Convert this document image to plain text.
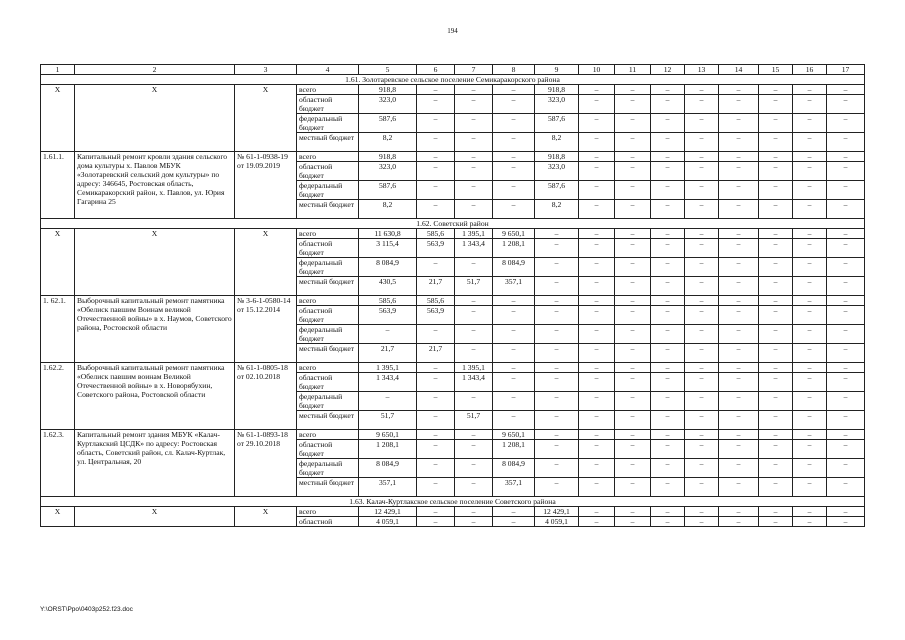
194
1	2	3	4	5	6	7	8	9	10	11	12	13	14	15	16	17
1.61. Золотаревское сельское поселение Семикаракорского района																
X	X	X	всего	918,8	–	–	–	918,8	–	–	–	–	–	–	–	–
			областной бюджет	323,0	–	–	–	323,0	–	–	–	–	–	–	–	–
			федеральный бюджет	587,6	–	–	–	587,6	–	–	–	–	–	–	–	–
			местный бюджет	8,2	–	–	–	8,2	–	–	–	–	–	–	–	–
1.61.1.	Капитальный ремонт кровли здания сельского дома культуры х. Павлов МБУК «Золотаревский сельский дом культуры» по адресу: 346645, Ростовская область, Семикаракорский район, х. Павлов, ул. Юрия Гагарина 25	№ 61-1-0938-19 от 19.09.2019	всего	918,8	–	–	–	918,8	–	–	–	–	–	–	–	–
			областной бюджет	323,0	–	–	–	323,0	–	–	–	–	–	–	–	–
			федеральный бюджет	587,6	–	–	–	587,6	–	–	–	–	–	–	–	–
			местный бюджет	8,2	–	–	–	8,2	–	–	–	–	–	–	–	–
1.62. Советский район																
X	X	X	всего	11 630,8	585,6	1 395,1	9 650,1	–	–	–	–	–	–	–	–	–
			областной бюджет	3 115,4	563,9	1 343,4	1 208,1	–	–	–	–	–	–	–	–	–
			федеральный бюджет	8 084,9	–	–	8 084,9	–	–	–	–	–	–	–	–	–
			местный бюджет	430,5	21,7	51,7	357,1	–	–	–	–	–	–	–	–	–
1. 62.1.	Выборочный капитальный ремонт памятника «Обелиск павшим Воинам великой Отечественной войны» в х. Наумов, Советского района, Ростовской области	№ 3-6-1-0580-14 от 15.12.2014	всего	585,6	585,6	–	–	–	–	–	–	–	–	–	–	–
			областной бюджет	563,9	563,9	–	–	–	–	–	–	–	–	–	–	–
			федеральный бюджет	–	–	–	–	–	–	–	–	–	–	–	–	–
			местный бюджет	21,7	21,7	–	–	–	–	–	–	–	–	–	–	–
1.62.2.	Выборочный капитальный ремонт памятника «Обелиск павшим воинам Великой Отечественной войны» в х. Новорябухин, Советского района, Ростовской области	№ 61-1-0805-18 от 02.10.2018	всего	1 395,1	–	1 395,1	–	–	–	–	–	–	–	–	–	–
			областной бюджет	1 343,4	–	1 343,4	–	–	–	–	–	–	–	–	–	–
			федеральный бюджет	–	–	–	–	–	–	–	–	–	–	–	–	–
			местный бюджет	51,7	–	51,7	–	–	–	–	–	–	–	–	–	–
1.62.3.	Капитальный ремонт здания МБУК «Калач-Куртлакский ЦСДК» по адресу: Ростовская область, Советский район, сл. Калач-Куртлак, ул. Центральная, 20	№ 61-1-0893-18 от 29.10.2018	всего	9 650,1	–	–	9 650,1	–	–	–	–	–	–	–	–	–
			областной бюджет	1 208,1	–	–	1 208,1	–	–	–	–	–	–	–	–	–
			федеральный бюджет	8 084,9	–	–	8 084,9	–	–	–	–	–	–	–	–	–
			местный бюджет	357,1	–	–	357,1	–	–	–	–	–	–	–	–	–
1.63. Калач-Куртлакское сельское поселение Советского района																
X	X	X	всего	12 429,1	–	–	–	12 429,1	–	–	–	–	–	–	–	–
			областной	4 059,1	–	–	–	4 059,1	–	–	–	–	–	–	–	–
Y:\ORST\Ppo\0403p252.f23.doc
